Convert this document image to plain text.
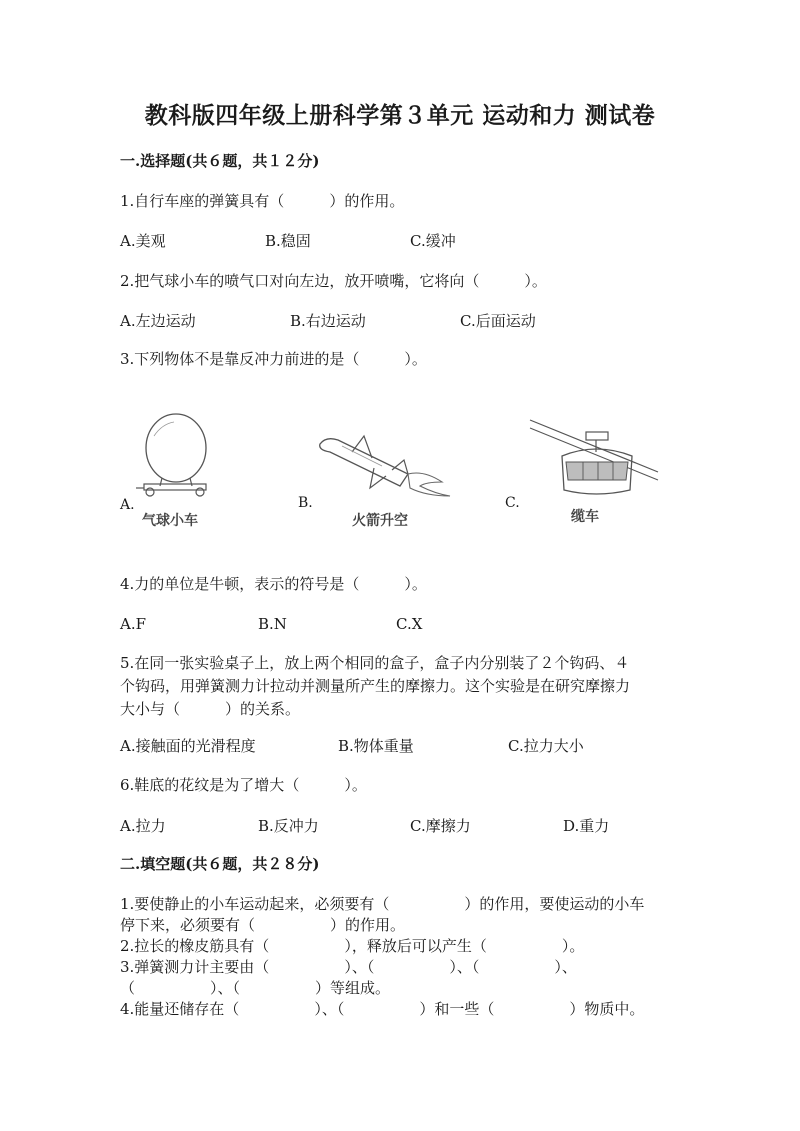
教科版四年级上册科学第３单元 运动和力 测试卷
一.选择题(共６题，共１２分)
1.自行车座的弹簧具有（　　　）的作用。
A.美观	B.稳固	C.缓冲
2.把气球小车的喷气口对向左边，放开喷嘴，它将向（　　　）。
A.左边运动	B.右边运动	C.后面运动
3.下列物体不是靠反冲力前进的是（　　　）。
A.
气球小车
B.
火箭升空
C.
缆车
4.力的单位是牛顿，表示的符号是（　　　）。
A.F	B.N	C.X
5.在同一张实验桌子上，放上两个相同的盒子，盒子内分别装了２个钩码、４
个钩码，用弹簧测力计拉动并测量所产生的摩擦力。这个实验是在研究摩擦力
大小与（　　　）的关系。
A.接触面的光滑程度	B.物体重量	C.拉力大小
6.鞋底的花纹是为了增大（　　　）。
A.拉力	B.反冲力	C.摩擦力	D.重力
二.填空题(共６题，共２８分)
1.要使静止的小车运动起来，必须要有（　　　　　）的作用，要使运动的小车
停下来，必须要有（　　　　　）的作用。
2.拉长的橡皮筋具有（　　　　　），释放后可以产生（　　　　　）。
3.弹簧测力计主要由（　　　　　）、（　　　　　）、（　　　　　）、
（　　　　　）、（　　　　　）等组成。
4.能量还储存在（　　　　　）、（　　　　　）和一些（　　　　　）物质中。
